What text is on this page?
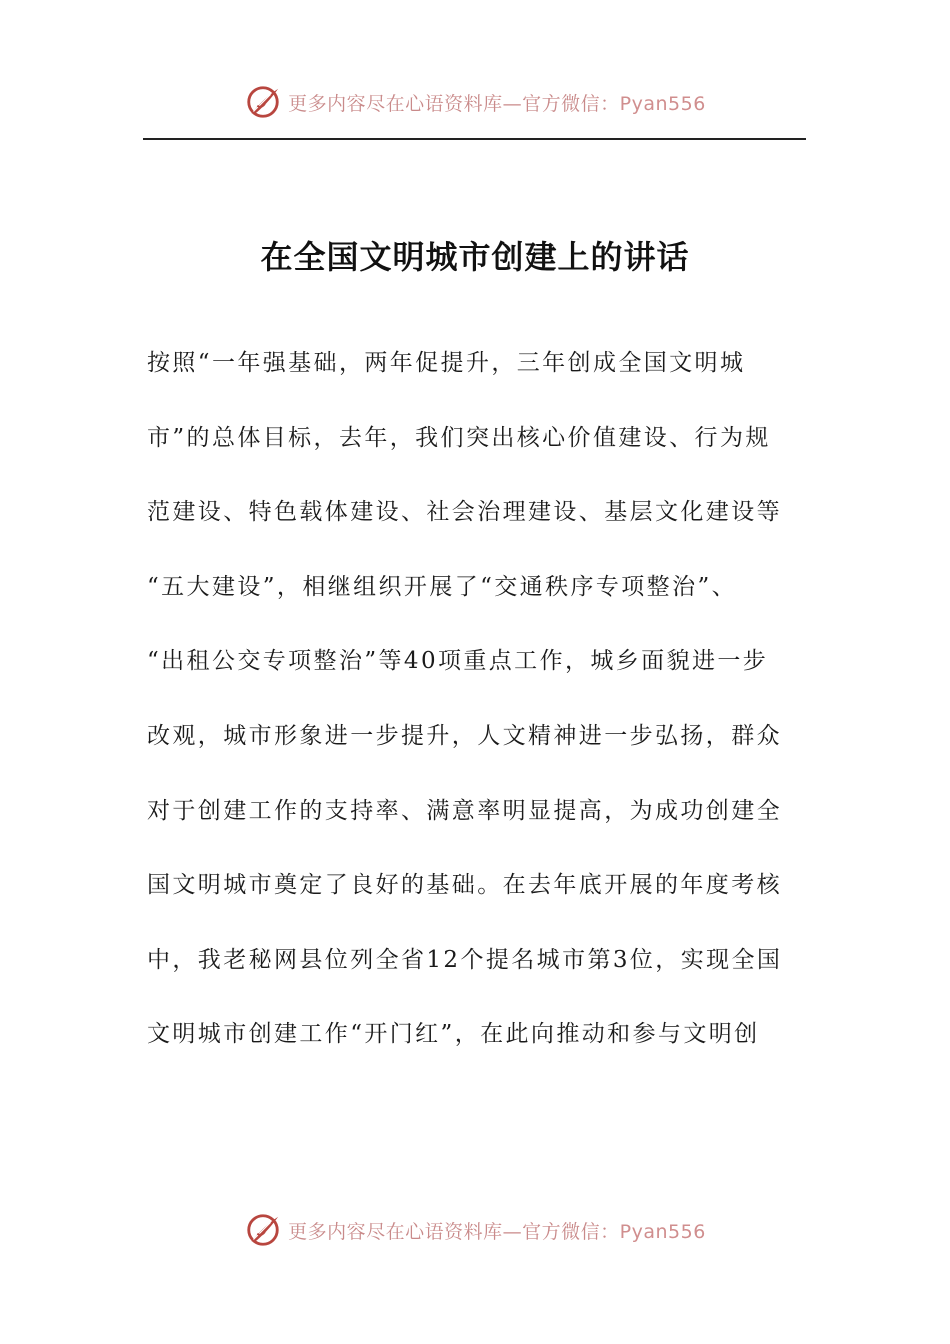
更多内容尽在心语资料库—官方微信：Pyan556
在全国文明城市创建上的讲话
按照“一年强基础，两年促提升，三年创成全国文明城
市”的总体目标，去年，我们突出核心价值建设、行为规
范建设、特色载体建设、社会治理建设、基层文化建设等
“五大建设”，相继组织开展了“交通秩序专项整治”、
“出租公交专项整治”等40项重点工作，城乡面貌进一步
改观，城市形象进一步提升，人文精神进一步弘扬，群众
对于创建工作的支持率、满意率明显提高，为成功创建全
国文明城市奠定了良好的基础。在去年底开展的年度考核
中，我老秘网县位列全省12个提名城市第3位，实现全国
文明城市创建工作“开门红”，在此向推动和参与文明创
更多内容尽在心语资料库—官方微信：Pyan556
